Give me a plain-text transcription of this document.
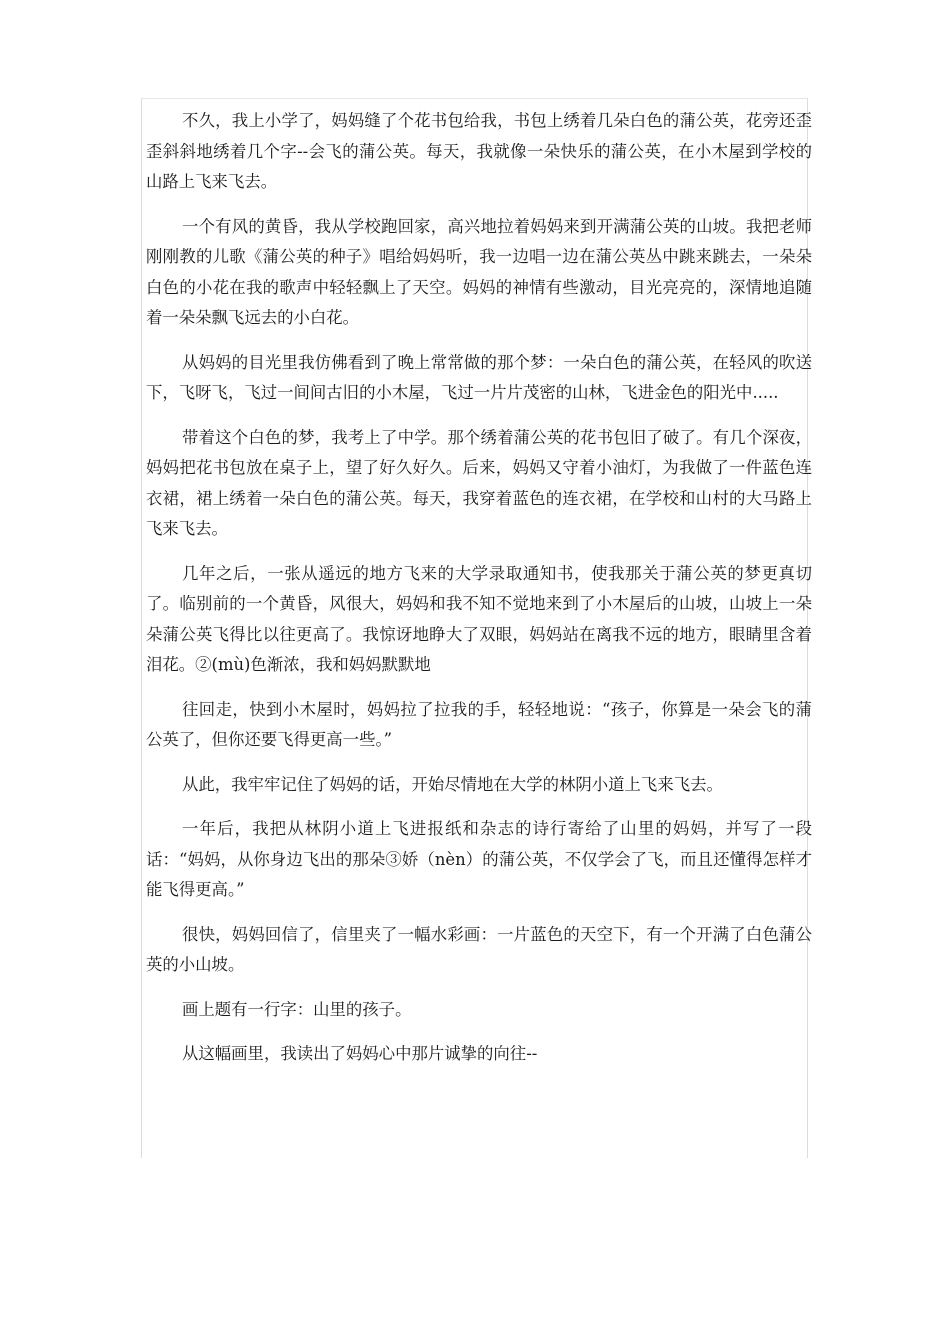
不久，我上小学了，妈妈缝了个花书包给我，书包上绣着几朵白色的蒲公英，花旁还歪歪斜斜地绣着几个字--会飞的蒲公英。每天，我就像一朵快乐的蒲公英，在小木屋到学校的山路上飞来飞去。

一个有风的黄昏，我从学校跑回家，高兴地拉着妈妈来到开满蒲公英的山坡。我把老师刚刚教的儿歌《蒲公英的种子》唱给妈妈听，我一边唱一边在蒲公英丛中跳来跳去，一朵朵白色的小花在我的歌声中轻轻飘上了天空。妈妈的神情有些激动，目光亮亮的，深情地追随着一朵朵飘飞远去的小白花。

从妈妈的目光里我仿佛看到了晚上常常做的那个梦：一朵白色的蒲公英，在轻风的吹送下，飞呀飞，飞过一间间古旧的小木屋，飞过一片片茂密的山林，飞进金色的阳光中.....

带着这个白色的梦，我考上了中学。那个绣着蒲公英的花书包旧了破了。有几个深夜，妈妈把花书包放在桌子上，望了好久好久。后来，妈妈又守着小油灯，为我做了一件蓝色连衣裙，裙上绣着一朵白色的蒲公英。每天，我穿着蓝色的连衣裙，在学校和山村的大马路上飞来飞去。

几年之后，一张从遥远的地方飞来的大学录取通知书，使我那关于蒲公英的梦更真切了。临别前的一个黄昏，风很大，妈妈和我不知不觉地来到了小木屋后的山坡，山坡上一朵朵蒲公英飞得比以往更高了。我惊讶地睁大了双眼，妈妈站在离我不远的地方，眼睛里含着泪花。②(mù)色渐浓，我和妈妈默默地

往回走，快到小木屋时，妈妈拉了拉我的手，轻轻地说：“孩子，你算是一朵会飞的蒲公英了，但你还要飞得更高一些。”

从此，我牢牢记住了妈妈的话，开始尽情地在大学的林阴小道上飞来飞去。

一年后，我把从林阴小道上飞进报纸和杂志的诗行寄给了山里的妈妈，并写了一段话：“妈妈，从你身边飞出的那朵③娇（nèn）的蒲公英，不仅学会了飞，而且还懂得怎样才能飞得更高。”

很快，妈妈回信了，信里夹了一幅水彩画：一片蓝色的天空下，有一个开满了白色蒲公英的小山坡。

画上题有一行字：山里的孩子。

从这幅画里，我读出了妈妈心中那片诚挚的向往--
